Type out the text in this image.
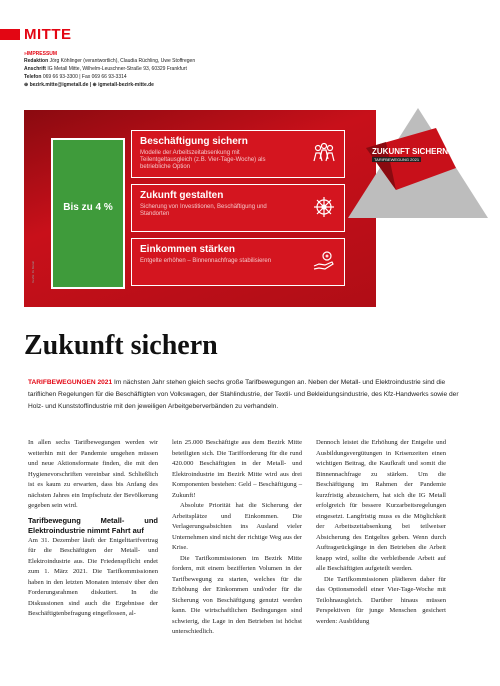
MITTE
»IMPRESSUM
Redaktion Jörg Köhlinger (verantwortlich), Claudia Rüchling, Uwe Stoffregen
Anschrift IG Metall Mitte, Wilhelm-Leuschner-Straße 93, 60329 Frankfurt
Telefon 069 66 93-3300 | Fax 069 66 93-3314
⊕ bezirk.mitte@igmetall.de | ⊕ igmetall-bezirk-mitte.de
Bis zu 4 %
Beschäftigung sichern
Modelle der Arbeitszeitabsenkung mit Teilentgeltausgleich (z.B. Vier-Tage-Woche) als betriebliche Option
Zukunft gestalten
Sicherung von Investitionen, Beschäftigung und Standorten
Einkommen stärken
Entgelte erhöhen – Binnennachfrage stabilisieren
Grafik: IG Metall
ZUKUNFT SICHERN.
TARIFBEWEGUNG 2021
Zukunft sichern
TARIFBEWEGUNGEN 2021 Im nächsten Jahr stehen gleich sechs große Tarifbewegungen an. Neben der Metall- und Elektroindustrie sind die tariflichen Regelungen für die Beschäftigten von Volkswagen, der Stahlindustrie, der Textil- und Bekleidungsindustrie, des Kfz-Handwerks sowie der Holz- und Kunststoffindustrie mit den jeweiligen Arbeitgeberverbänden zu verhandeln.
In allen sechs Tarifbewegungen werden wir weiterhin mit der Pandemie umgehen müssen und neue Aktionsformate finden, die mit den Hygienevorschriften vereinbar sind. Schließlich ist es kaum zu erwarten, dass bis Anfang des nächsten Jahres ein Impfschutz der Bevölkerung gegeben sein wird.
Tarifbewegung Metall- und Elektroindustrie nimmt Fahrt auf
Am 31. Dezember läuft der Entgelttarifvertrag für die Beschäftigten der Metall- und Elektroindustrie aus. Die Friedenspflicht endet zum 1. März 2021. Die Tarifkommissionen haben in den letzten Monaten intensiv über den Forderungsrahmen diskutiert. In die Diskussionen sind auch die Ergebnisse der Beschäftigtenbefragung eingeflossen, al-
lein 25.000 Beschäftigte aus dem Bezirk Mitte beteiligten sich. Die Tarifforderung für die rund 420.000 Beschäftigten in der Metall- und Elektroindustrie im Bezirk Mitte wird aus drei Komponenten bestehen: Geld – Beschäftigung – Zukunft!
Absolute Priorität hat die Sicherung der Arbeitsplätze und Einkommen. Die Verlagerungsabsichten ins Ausland vieler Unternehmen sind nicht der richtige Weg aus der Krise.
Die Tarifkommissionen im Bezirk Mitte fordern, mit einem bezifferten Volumen in der Tarifbewegung zu starten, welches für die Erhöhung der Einkommen und/oder für die Sicherung von Beschäftigung genutzt werden kann. Die wirtschaftlichen Bedingungen sind schwierig, die Lage in den Betrieben ist höchst unterschiedlich.
Dennoch leistet die Erhöhung der Entgelte und Ausbildungsvergütungen in Krisenzeiten einen wichtigen Beitrag, die Kaufkraft und somit die Binnennachfrage zu stärken. Um die Beschäftigung im Rahmen der Pandemie kurzfristig abzusichern, hat sich die IG Metall erfolgreich für bessere Kurzarbeitsregelungen eingesetzt. Langfristig muss es die Möglichkeit der Arbeitszeitabsenkung bei teilweiser Absicherung des Entgeltes geben. Wenn durch Auftragsrückgänge in den Betrieben die Arbeit knapp wird, sollte die verbleibende Arbeit auf alle Beschäftigten aufgeteilt werden.
Die Tarifkommissionen plädieren daher für das Optionsmodell einer Vier-Tage-Woche mit Teilohnausgleich. Darüber hinaus müssen Perspektiven für junge Menschen gesichert werden: Ausbildung
